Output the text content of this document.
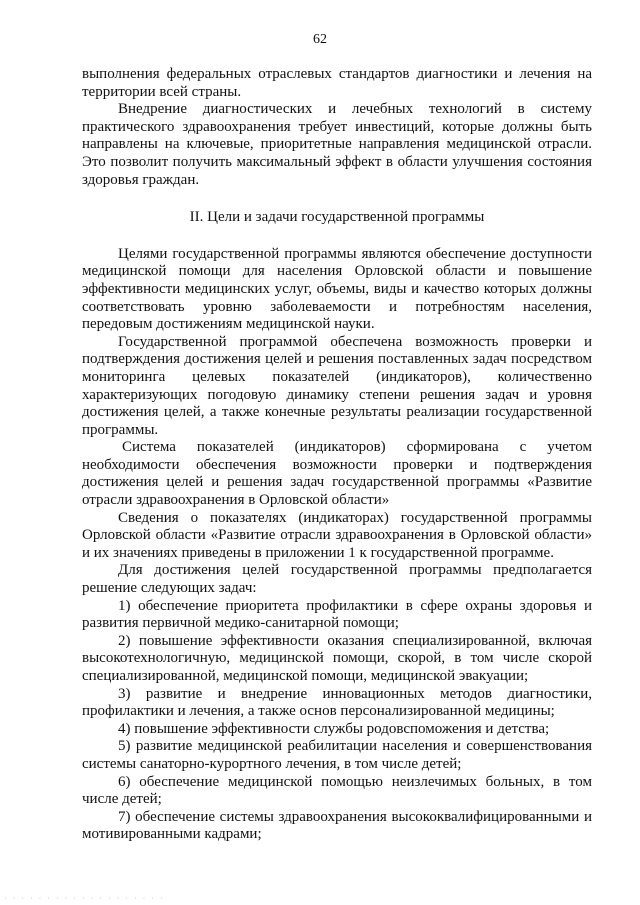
62

выполнения федеральных отраслевых стандартов диагностики и лечения на территории всей страны.

Внедрение диагностических и лечебных технологий в систему практического здравоохранения требует инвестиций, которые должны быть направлены на ключевые, приоритетные направления медицинской отрасли. Это позволит получить максимальный эффект в области улучшения состояния здоровья граждан.

II. Цели и задачи государственной программы

Целями государственной программы являются обеспечение доступности медицинской помощи для населения Орловской области и повышение эффективности медицинских услуг, объемы, виды и качество которых должны соответствовать уровню заболеваемости и потребностям населения, передовым достижениям медицинской науки.

Государственной программой обеспечена возможность проверки и подтверждения достижения целей и решения поставленных задач посредством мониторинга целевых показателей (индикаторов), количественно характеризующих погодовую динамику степени решения задач и уровня достижения целей, а также конечные результаты реализации государственной программы.

Система показателей (индикаторов) сформирована с учетом необходимости обеспечения возможности проверки и подтверждения достижения целей и решения задач государственной программы «Развитие отрасли здравоохранения в Орловской области»

Сведения о показателях (индикаторах) государственной программы Орловской области «Развитие отрасли здравоохранения в Орловской области» и их значениях приведены в приложении 1 к государственной программе.

Для достижения целей государственной программы предполагается решение следующих задач:

1) обеспечение приоритета профилактики в сфере охраны здоровья и развития первичной медико-санитарной помощи;

2) повышение эффективности оказания специализированной, включая высокотехнологичную, медицинской помощи, скорой, в том числе скорой специализированной, медицинской помощи, медицинской эвакуации;

3) развитие и внедрение инновационных методов диагностики, профилактики и лечения, а также основ персонализированной медицины;

4) повышение эффективности службы родовспоможения и детства;

5) развитие медицинской реабилитации населения и совершенствования системы санаторно-курортного лечения, в том числе детей;

6) обеспечение медицинской помощью неизлечимых больных, в том числе детей;

7) обеспечение системы здравоохранения высококвалифицированными и мотивированными кадрами;

· · · · · · · · · · · · · · · · · · ·
